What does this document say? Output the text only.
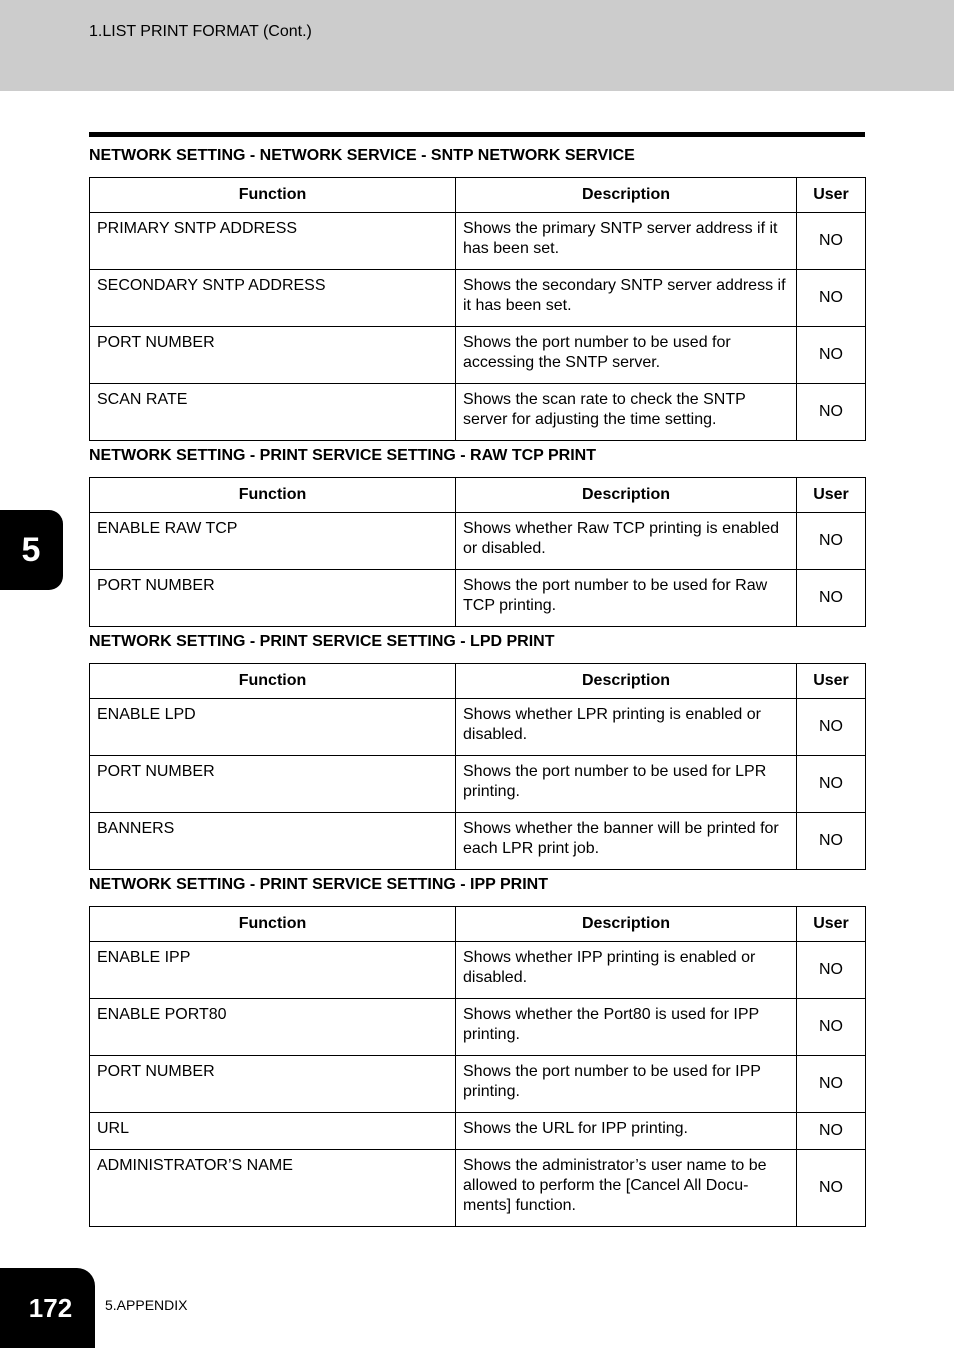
1.LIST PRINT FORMAT (Cont.)
NETWORK SETTING - NETWORK SERVICE - SNTP NETWORK SERVICE
Function	Description	User
PRIMARY SNTP ADDRESS	Shows the primary SNTP server address if it has been set.	NO
SECONDARY SNTP ADDRESS	Shows the secondary SNTP server address if it has been set.	NO
PORT NUMBER	Shows the port number to be used for accessing the SNTP server.	NO
SCAN RATE	Shows the scan rate to check the SNTP server for adjusting the time setting.	NO
NETWORK SETTING - PRINT SERVICE SETTING - RAW TCP PRINT
Function	Description	User
ENABLE RAW TCP	Shows whether Raw TCP printing is enabled or disabled.	NO
PORT NUMBER	Shows the port number to be used for Raw TCP printing.	NO
NETWORK SETTING - PRINT SERVICE SETTING - LPD PRINT
Function	Description	User
ENABLE LPD	Shows whether LPR printing is enabled or disabled.	NO
PORT NUMBER	Shows the port number to be used for LPR printing.	NO
BANNERS	Shows whether the banner will be printed for each LPR print job.	NO
NETWORK SETTING - PRINT SERVICE SETTING - IPP PRINT
Function	Description	User
ENABLE IPP	Shows whether IPP printing is enabled or disabled.	NO
ENABLE PORT80	Shows whether the Port80 is used for IPP printing.	NO
PORT NUMBER	Shows the port number to be used for IPP printing.	NO
URL	Shows the URL for IPP printing.	NO
ADMINISTRATOR’S NAME	Shows the administrator’s user name to be allowed to perform the [Cancel All Docu-ments] function.	NO
5
172	5.APPENDIX
